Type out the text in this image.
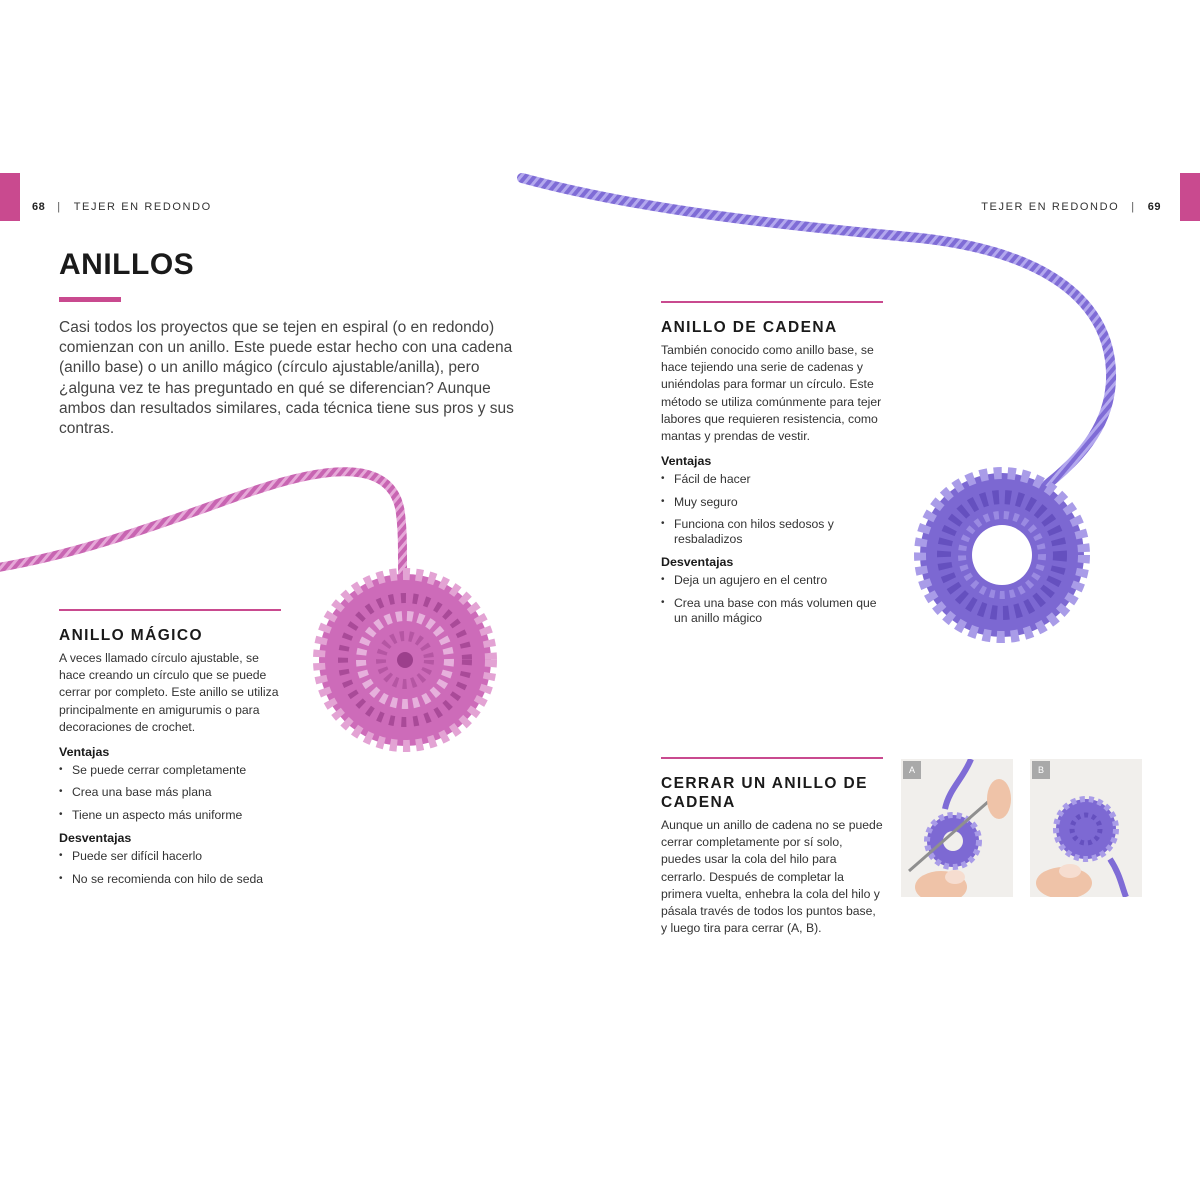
68 | TEJER EN REDONDO	TEJER EN REDONDO | 69
ANILLOS

Casi todos los proyectos que se tejen en espiral (o en redondo) comienzan con un anillo. Este puede estar hecho con una cadena (anillo base) o un anillo mágico (círculo ajustable/anilla), pero ¿alguna vez te has preguntado en qué se diferencian? Aunque ambos dan resultados similares, cada técnica tiene sus pros y sus contras.

ANILLO MÁGICO

A veces llamado círculo ajustable, se hace creando un círculo que se puede cerrar por completo. Este anillo se utiliza principalmente en amigurumis o para decoraciones de crochet.

Ventajas
• Se puede cerrar completamente
• Crea una base más plana
• Tiene un aspecto más uniforme
Desventajas
• Puede ser difícil hacerlo
• No se recomienda con hilo de seda
ANILLO DE CADENA

También conocido como anillo base, se hace tejiendo una serie de cadenas y uniéndolas para formar un círculo. Este método se utiliza comúnmente para tejer labores que requieren resistencia, como mantas y prendas de vestir.

Ventajas
• Fácil de hacer
• Muy seguro
• Funciona con hilos sedosos y resbaladizos
Desventajas
• Deja un agujero en el centro
• Crea una base con más volumen que un anillo mágico
CERRAR UN ANILLO DE CADENA

Aunque un anillo de cadena no se puede cerrar completamente por sí solo, puedes usar la cola del hilo para cerrarlo. Después de completar la primera vuelta, enhebra la cola del hilo y pásala través de todos los puntos base, y luego tira para cerrar (A, B).

A	B
